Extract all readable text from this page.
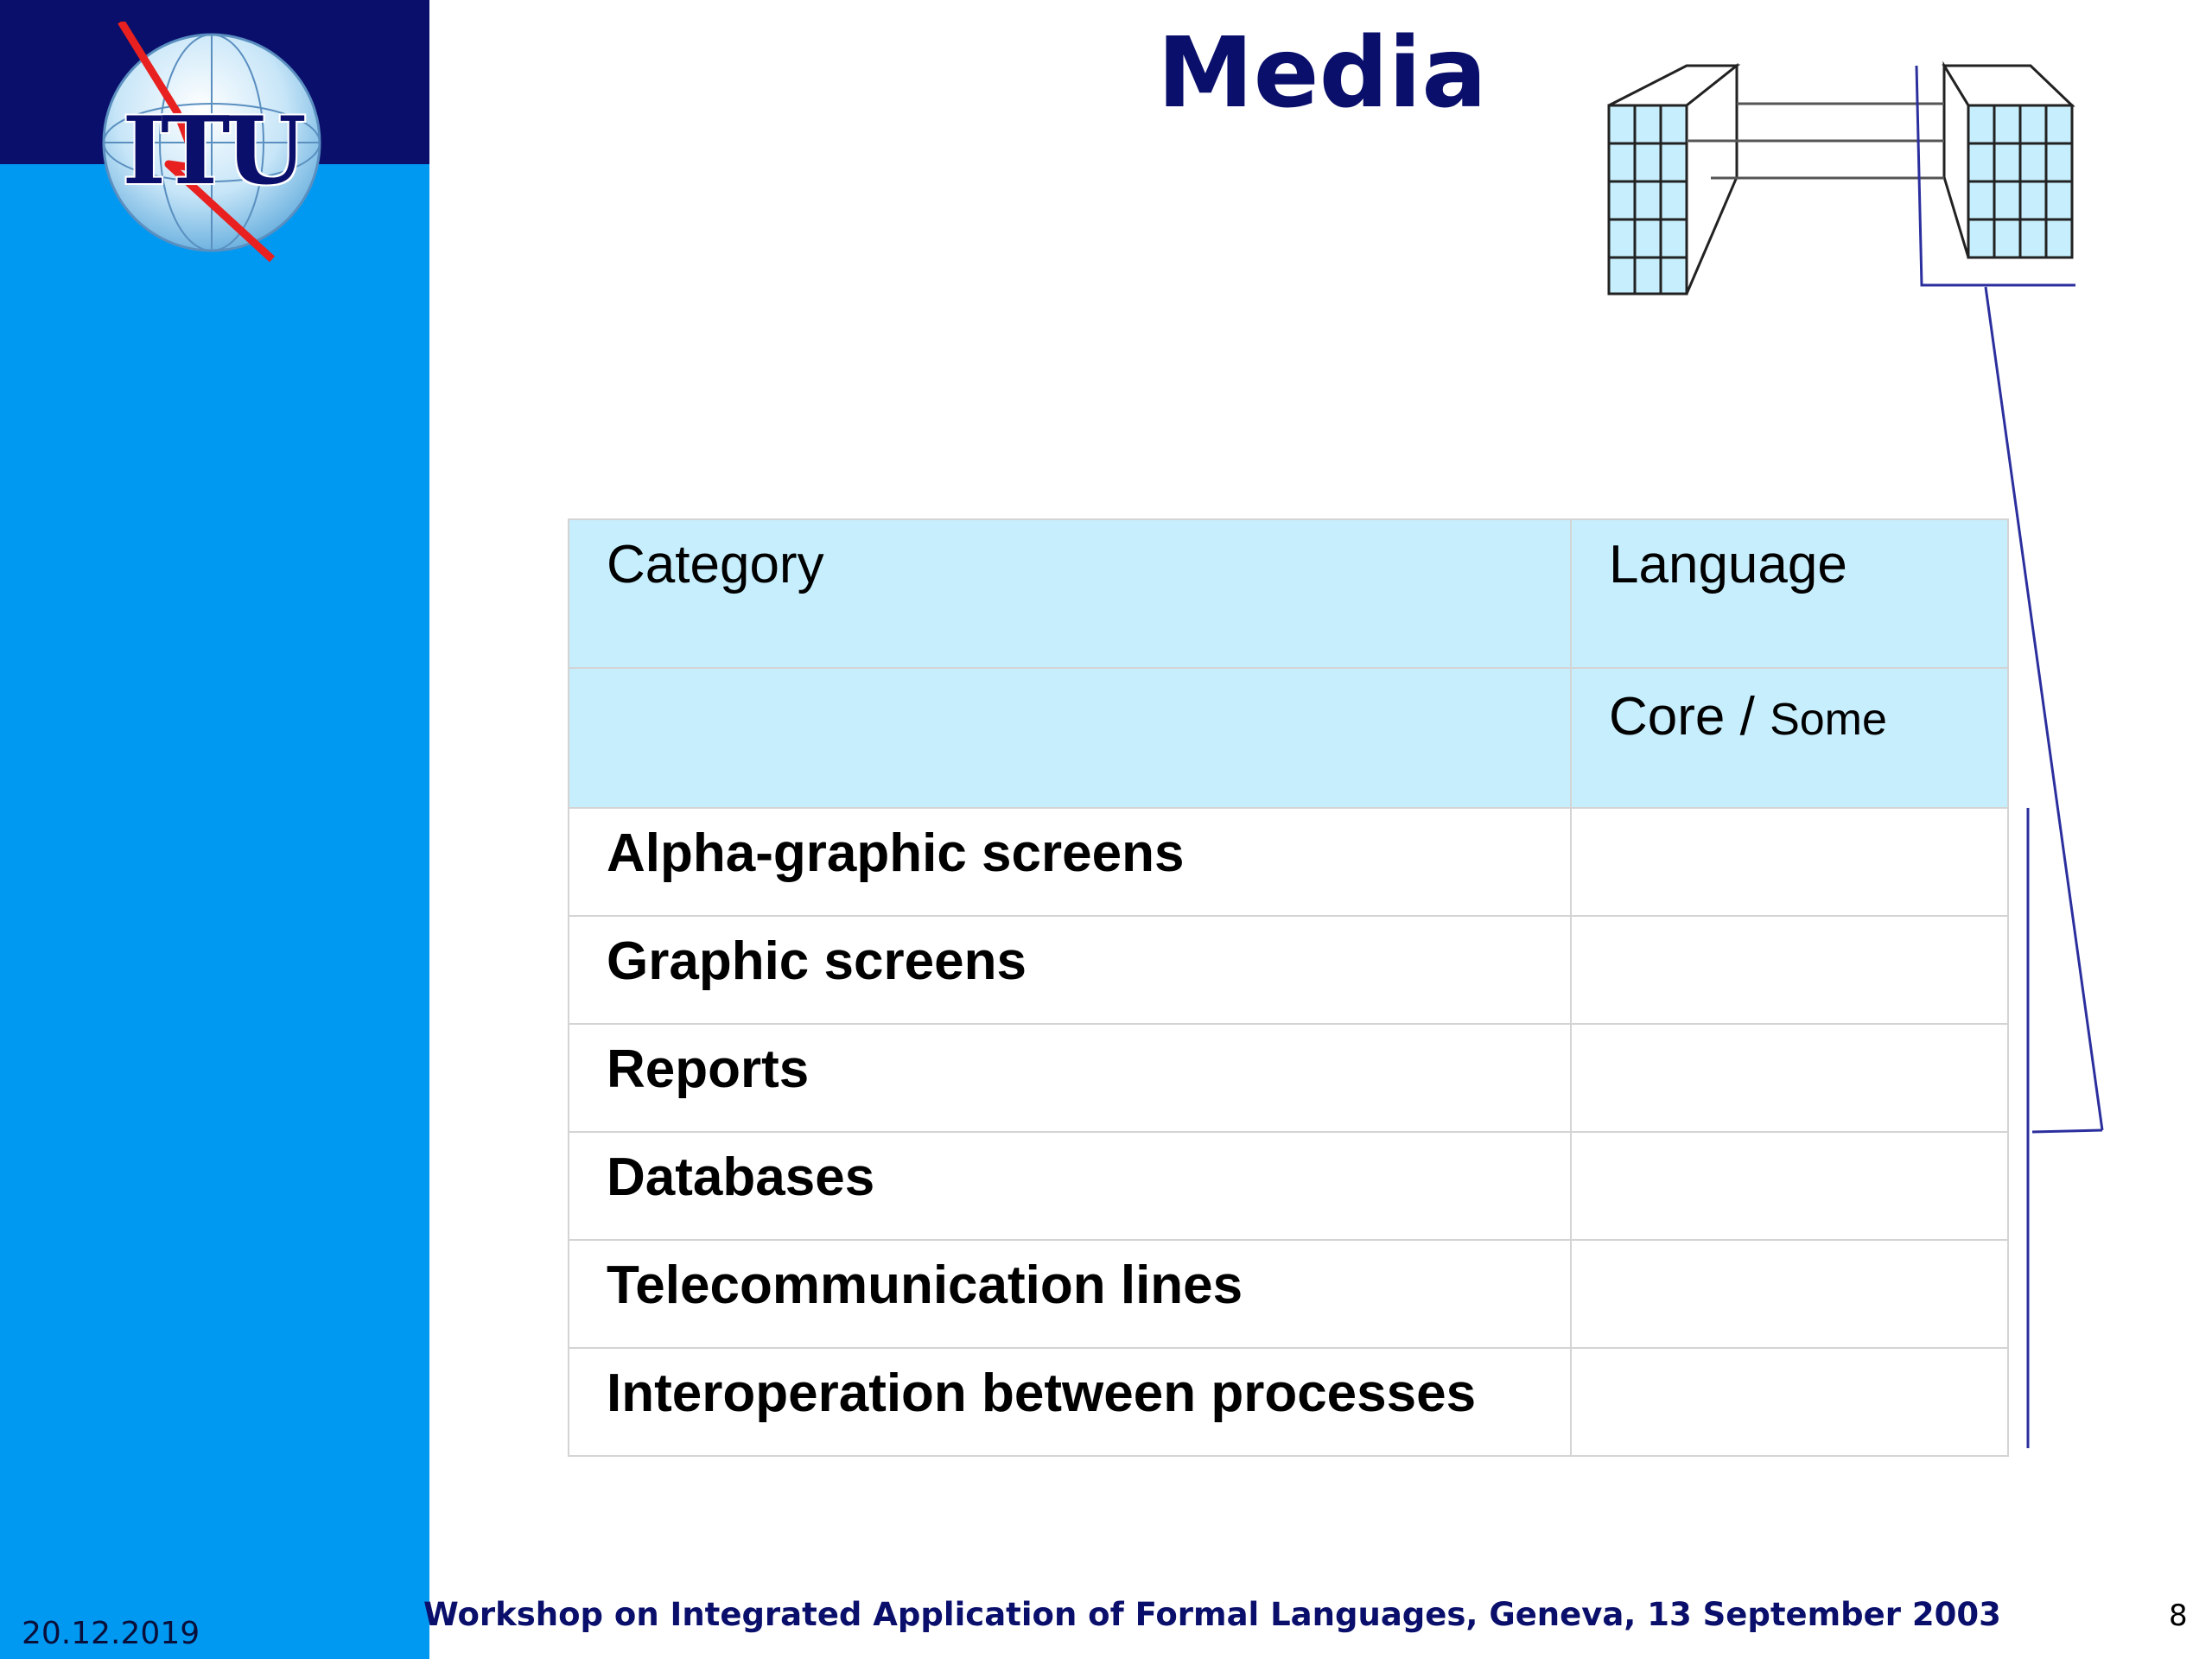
ITU
Media
Category	Language
	Core / Some
Alpha-graphic screens	
Graphic screens	
Reports	
Databases	
Telecommunication lines	
Interoperation between processes	
20.12.2019
Workshop on Integrated Application of Formal Languages, Geneva, 13 September 2003	8
